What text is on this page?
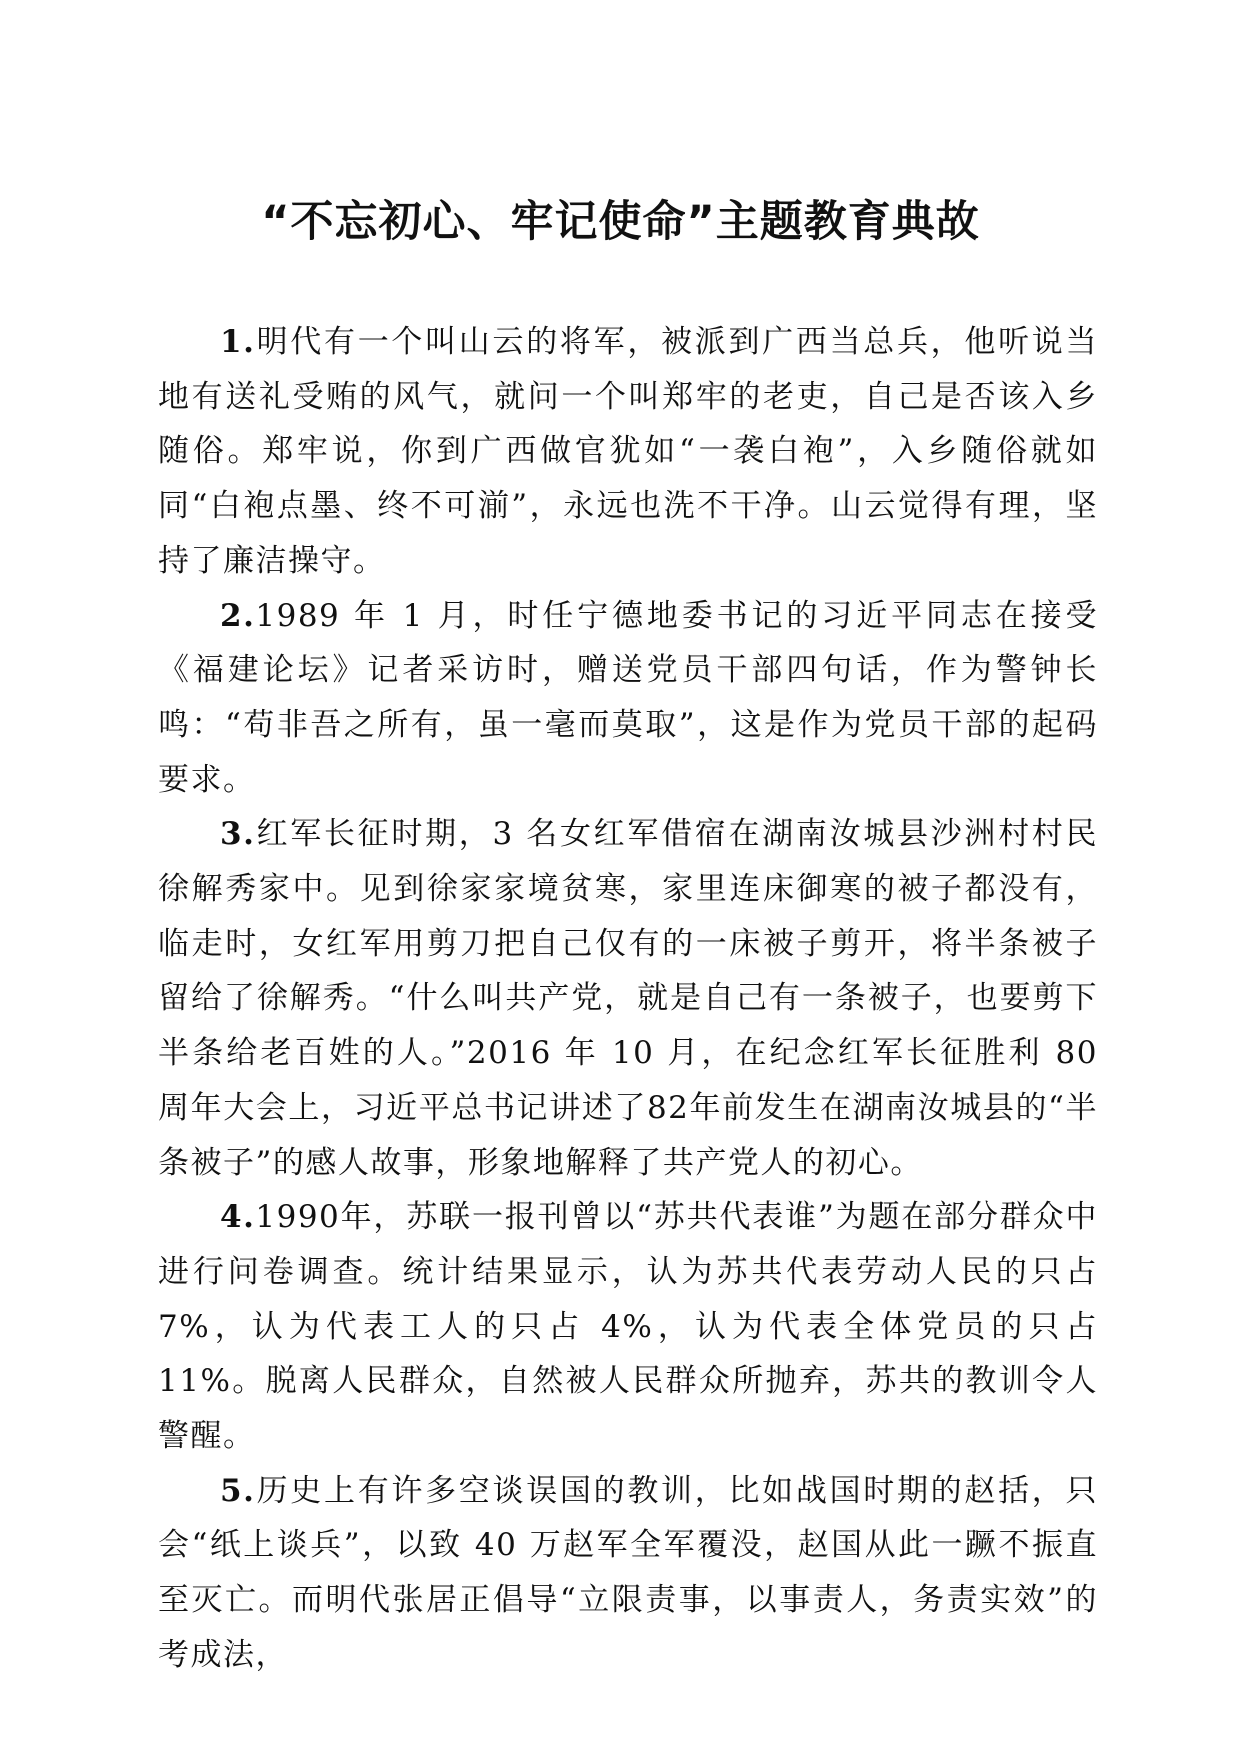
“不忘初心、牢记使命”主题教育典故

1.明代有一个叫山云的将军，被派到广西当总兵，他听说当地有送礼受贿的风气，就问一个叫郑牢的老吏，自己是否该入乡随俗。郑牢说，你到广西做官犹如“一袭白袍”，入乡随俗就如同“白袍点墨、终不可湔”，永远也洗不干净。山云觉得有理，坚持了廉洁操守。

2.1989 年 1 月，时任宁德地委书记的习近平同志在接受《福建论坛》记者采访时，赠送党员干部四句话，作为警钟长鸣：“苟非吾之所有，虽一毫而莫取”，这是作为党员干部的起码要求。

3.红军长征时期，3 名女红军借宿在湖南汝城县沙洲村村民徐解秀家中。见到徐家家境贫寒，家里连床御寒的被子都没有，临走时，女红军用剪刀把自己仅有的一床被子剪开，将半条被子留给了徐解秀。“什么叫共产党，就是自己有一条被子，也要剪下半条给老百姓的人。”2016 年 10 月，在纪念红军长征胜利 80 周年大会上，习近平总书记讲述了82年前发生在湖南汝城县的“半条被子”的感人故事，形象地解释了共产党人的初心。

4.1990年，苏联一报刊曾以“苏共代表谁”为题在部分群众中进行问卷调查。统计结果显示，认为苏共代表劳动人民的只占 7%，认为代表工人的只占 4%，认为代表全体党员的只占 11%。脱离人民群众，自然被人民群众所抛弃，苏共的教训令人警醒。

5.历史上有许多空谈误国的教训，比如战国时期的赵括，只会“纸上谈兵”，以致 40 万赵军全军覆没，赵国从此一蹶不振直至灭亡。而明代张居正倡导“立限责事，以事责人，务责实效”的考成法，
